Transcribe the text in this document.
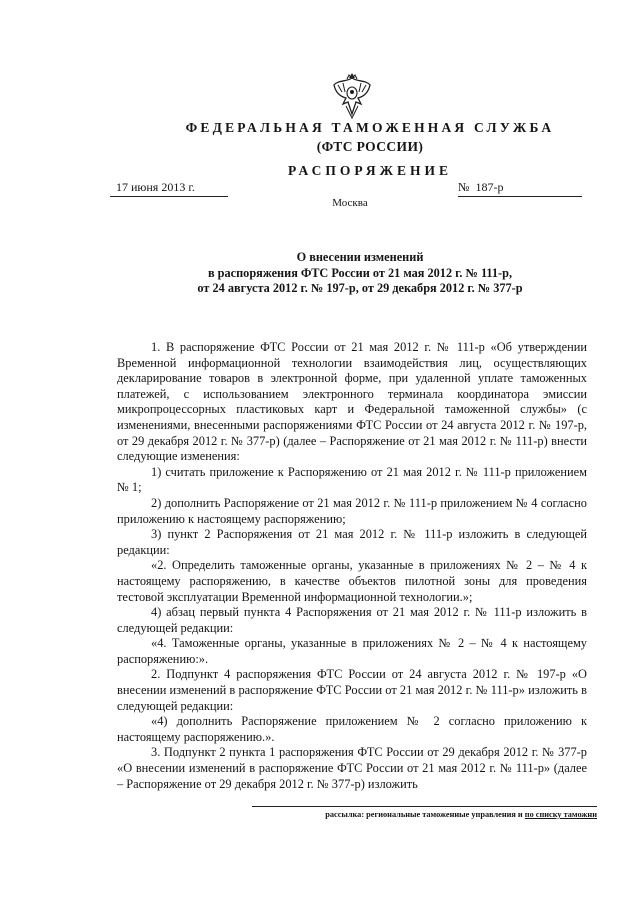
ФЕДЕРАЛЬНАЯ ТАМОЖЕННАЯ СЛУЖБА
(ФТС РОССИИ)
РАСПОРЯЖЕНИЕ
17 июня 2013 г.	№ 187-р
Москва
О внесении изменений
в распоряжения ФТС России от 21 мая 2012 г. № 111-р,
от 24 августа 2012 г. № 197-р, от 29 декабря 2012 г. № 377-р

1. В распоряжение ФТС России от 21 мая 2012 г. № 111-р «Об утверждении Временной информационной технологии взаимодействия лиц, осуществляющих декларирование товаров в электронной форме, при удаленной уплате таможенных платежей, с использованием электронного терминала координатора эмиссии микропроцессорных пластиковых карт и Федеральной таможенной службы» (с изменениями, внесенными распоряжениями ФТС России от 24 августа 2012 г. № 197-р, от 29 декабря 2012 г. № 377-р) (далее – Распоряжение от 21 мая 2012 г. № 111-р) внести следующие изменения:

1) считать приложение к Распоряжению от 21 мая 2012 г. № 111-р приложением № 1;

2) дополнить Распоряжение от 21 мая 2012 г. № 111-р приложением № 4 согласно приложению к настоящему распоряжению;

3) пункт 2 Распоряжения от 21 мая 2012 г. № 111-р изложить в следующей редакции:

«2. Определить таможенные органы, указанные в приложениях № 2 – № 4 к настоящему распоряжению, в качестве объектов пилотной зоны для проведения тестовой эксплуатации Временной информационной технологии.»;

4) абзац первый пункта 4 Распоряжения от 21 мая 2012 г. № 111-р изложить в следующей редакции:

«4. Таможенные органы, указанные в приложениях № 2 – № 4 к настоящему распоряжению:».

2. Подпункт 4 распоряжения ФТС России от 24 августа 2012 г. № 197-р «О внесении изменений в распоряжение ФТС России от 21 мая 2012 г. № 111-р» изложить в следующей редакции:

«4) дополнить Распоряжение приложением № 2 согласно приложению к настоящему распоряжению.».

3. Подпункт 2 пункта 1 распоряжения ФТС России от 29 декабря 2012 г. № 377-р «О внесении изменений в распоряжение ФТС России от 21 мая 2012 г. № 111-р» (далее – Распоряжение от 29 декабря 2012 г. № 377-р) изложить

рассылка: региональные таможенные управления и по списку таможни
